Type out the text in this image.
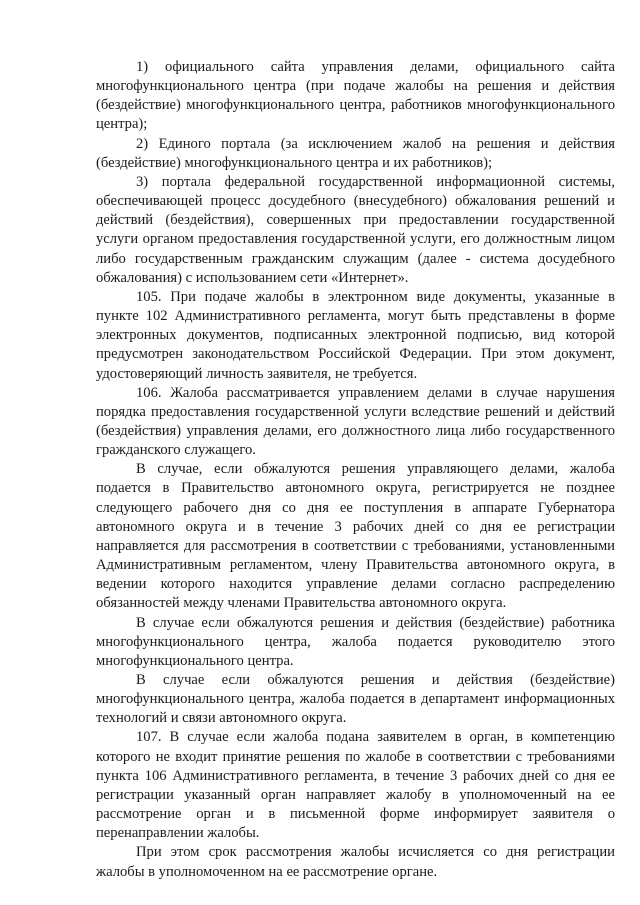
1) официального сайта управления делами, официального сайта многофункционального центра (при подаче жалобы на решения и действия (бездействие) многофункционального центра, работников многофункционального центра);

2) Единого портала (за исключением жалоб на решения и действия (бездействие) многофункционального центра и их работников);

3) портала федеральной государственной информационной системы, обеспечивающей процесс досудебного (внесудебного) обжалования решений и действий (бездействия), совершенных при предоставлении государственной услуги органом предоставления государственной услуги, его должностным лицом либо государственным гражданским служащим (далее - система досудебного обжалования) с использованием сети «Интернет».

105. При подаче жалобы в электронном виде документы, указанные в пункте 102 Административного регламента, могут быть представлены в форме электронных документов, подписанных электронной подписью, вид которой предусмотрен законодательством Российской Федерации. При этом документ, удостоверяющий личность заявителя, не требуется.

106. Жалоба рассматривается управлением делами в случае нарушения порядка предоставления государственной услуги вследствие решений и действий (бездействия) управления делами, его должностного лица либо государственного гражданского служащего.

В случае, если обжалуются решения управляющего делами, жалоба подается в Правительство автономного округа, регистрируется не позднее следующего рабочего дня со дня ее поступления в аппарате Губернатора автономного округа и в течение 3 рабочих дней со дня ее регистрации направляется для рассмотрения в соответствии с требованиями, установленными Административным регламентом, члену Правительства автономного округа, в ведении которого находится управление делами согласно распределению обязанностей между членами Правительства автономного округа.

В случае если обжалуются решения и действия (бездействие) работника многофункционального центра, жалоба подается руководителю этого многофункционального центра.

В случае если обжалуются решения и действия (бездействие) многофункционального центра, жалоба подается в департамент информационных технологий и связи автономного округа.

107. В случае если жалоба подана заявителем в орган, в компетенцию которого не входит принятие решения по жалобе в соответствии с требованиями пункта 106 Административного регламента, в течение 3 рабочих дней со дня ее регистрации указанный орган направляет жалобу в уполномоченный на ее рассмотрение орган и в письменной форме информирует заявителя о перенаправлении жалобы.

При этом срок рассмотрения жалобы исчисляется со дня регистрации жалобы в уполномоченном на ее рассмотрение органе.
